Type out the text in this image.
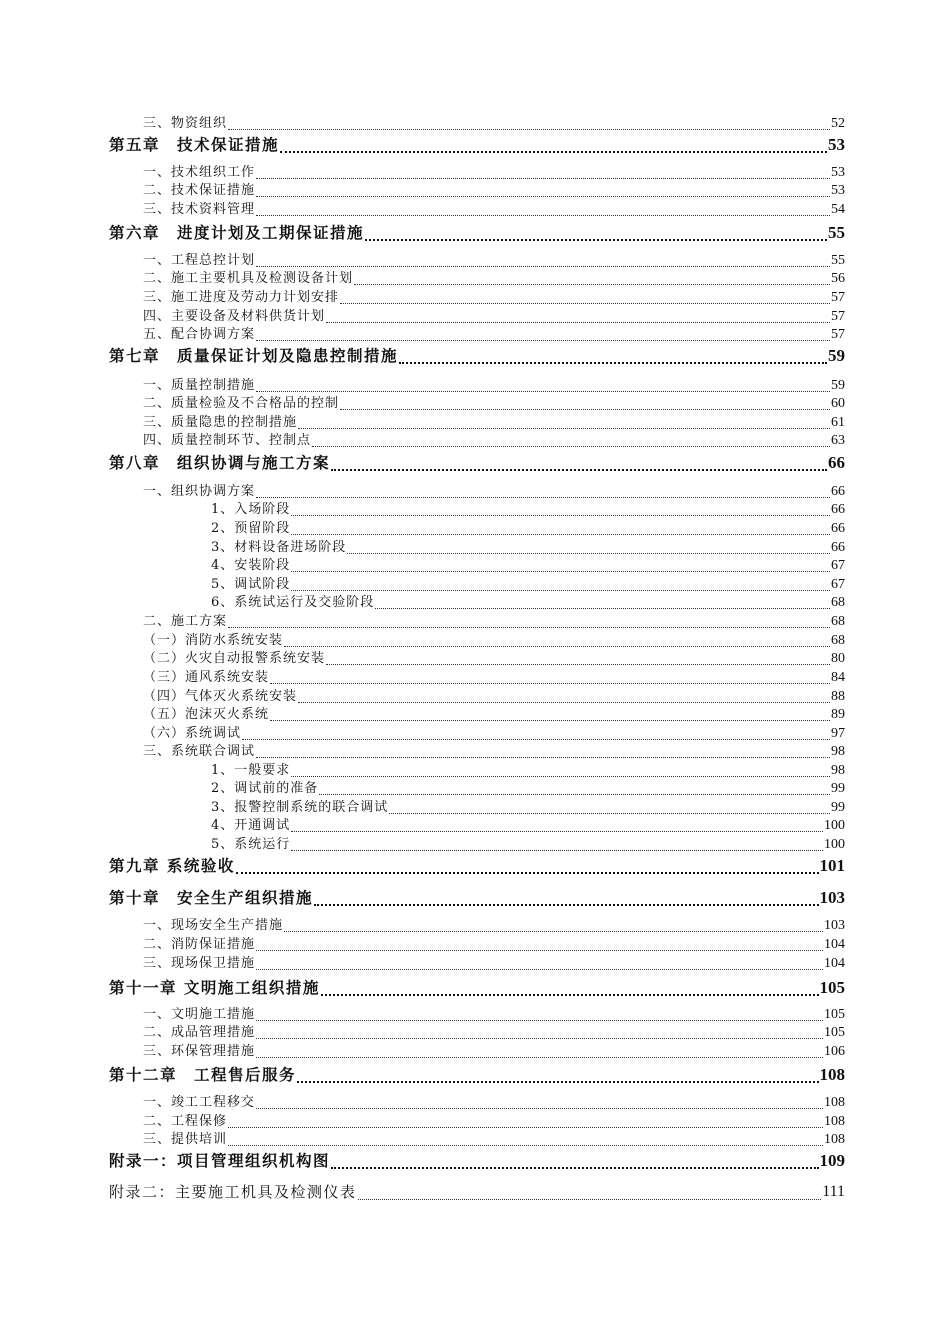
三、物资组织	52
第五章　技术保证措施	53
一、技术组织工作	53
二、技术保证措施	53
三、技术资料管理	54
第六章　进度计划及工期保证措施	55
一、工程总控计划	55
二、施工主要机具及检测设备计划	56
三、施工进度及劳动力计划安排	57
四、主要设备及材料供货计划	57
五、配合协调方案	57
第七章　质量保证计划及隐患控制措施	59
一、质量控制措施	59
二、质量检验及不合格品的控制	60
三、质量隐患的控制措施	61
四、质量控制环节、控制点	63
第八章　组织协调与施工方案	66
一、组织协调方案	66
1、入场阶段	66
2、预留阶段	66
3、材料设备进场阶段	66
4、安装阶段	67
5、调试阶段	67
6、系统试运行及交验阶段	68
二、施工方案	68
（一）消防水系统安装	68
（二）火灾自动报警系统安装	80
（三）通风系统安装	84
（四）气体灭火系统安装	88
（五）泡沫灭火系统	89
（六）系统调试	97
三、系统联合调试	98
1、一般要求	98
2、调试前的准备	99
3、报警控制系统的联合调试	99
4、开通调试	100
5、系统运行	100
第九章 系统验收	101
第十章　安全生产组织措施	103
一、现场安全生产措施	103
二、消防保证措施	104
三、现场保卫措施	104
第十一章 文明施工组织措施	105
一、文明施工措施	105
二、成品管理措施	105
三、环保管理措施	106
第十二章　工程售后服务	108
一、竣工工程移交	108
二、工程保修	108
三、提供培训	108
附录一：项目管理组织机构图	109
附录二：主要施工机具及检测仪表	111
